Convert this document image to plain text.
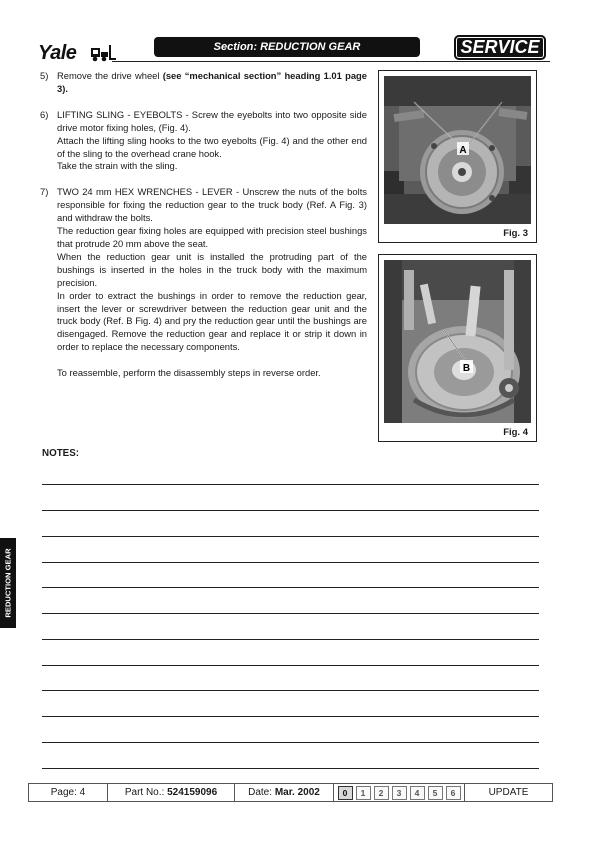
Yale	Section: REDUCTION GEAR	SERVICE
5) Remove the drive wheel (see “mechanical section” heading 1.01 page 3).

6) LIFTING SLING - EYEBOLTS - Screw the eyebolts into two opposite side drive motor fixing holes, (Fig. 4).

Attach the lifting sling hooks to the two eyebolts (Fig. 4) and the other end of the sling to the overhead crane hook.

Take the strain with the sling.

7) TWO 24 mm HEX WRENCHES - LEVER - Unscrew the nuts of the bolts responsible for fixing the reduction gear to the truck body (Ref. A Fig. 3) and withdraw the bolts.

The reduction gear fixing holes are equipped with precision steel bushings that protrude 20 mm above the seat.

When the reduction gear unit is installed the protruding part of the bushings is inserted in the holes in the truck body with the maximum precision.

In order to extract the bushings in order to remove the reduction gear, insert the lever or screwdriver between the reduction gear unit and the truck body (Ref. B Fig. 4) and pry the reduction gear until the bushings are disengaged. Remove the reduction gear and replace it or strip it down in order to replace the necessary components.

To reassemble, perform the disassembly steps in reverse order.
A
Fig. 3
B
Fig. 4
NOTES:
REDUCTION GEAR
Page:
4	Part No.:
524159096	Date:
Mar. 2002	0	1	2	3	4	5	6	UPDATE
